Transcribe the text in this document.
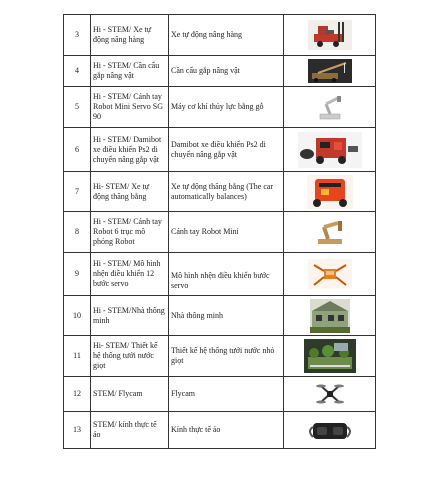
3	Hi - STEM/ Xe tự động nâng hàng	Xe tự động nâng hàng	

4	Hi - STEM/ Cần cẩu gắp nâng vật	Cần cẩu gắp nâng vật	

5	Hi - STEM/ Cánh tay Robot Mini Servo SG 90	Máy cơ khí thủy lực bằng gỗ	

6	Hi - STEM/ Damibot xe điều khiển Ps2 di chuyển nâng gắp vật	Damibot xe điều khiển Ps2 di chuyển nâng gắp vật	

7	Hi- STEM/ Xe tự động thăng bằng	Xe tự động thăng bằng (The car automatically balances)	

8	Hi - STEM/ Cánh tay Robot 6 trục mô phỏng Robot	Cánh tay Robot Mini	

9	Hi - STEM/ Mô hình nhện điều khiển 12 bước servo	Mô hình nhện điều khiển bước servo	

10	Hi - STEM/Nhà thông minh	Nhà thông minh	

11	Hi- STEM/ Thiết kế hệ thống tưới nước giọt	Thiết kế hệ thống tưới nước nhỏ giọt	

12	STEM/ Flycam	Flycam	

13	STEM/ kính thực tế ảo	Kính thực tế ảo	
